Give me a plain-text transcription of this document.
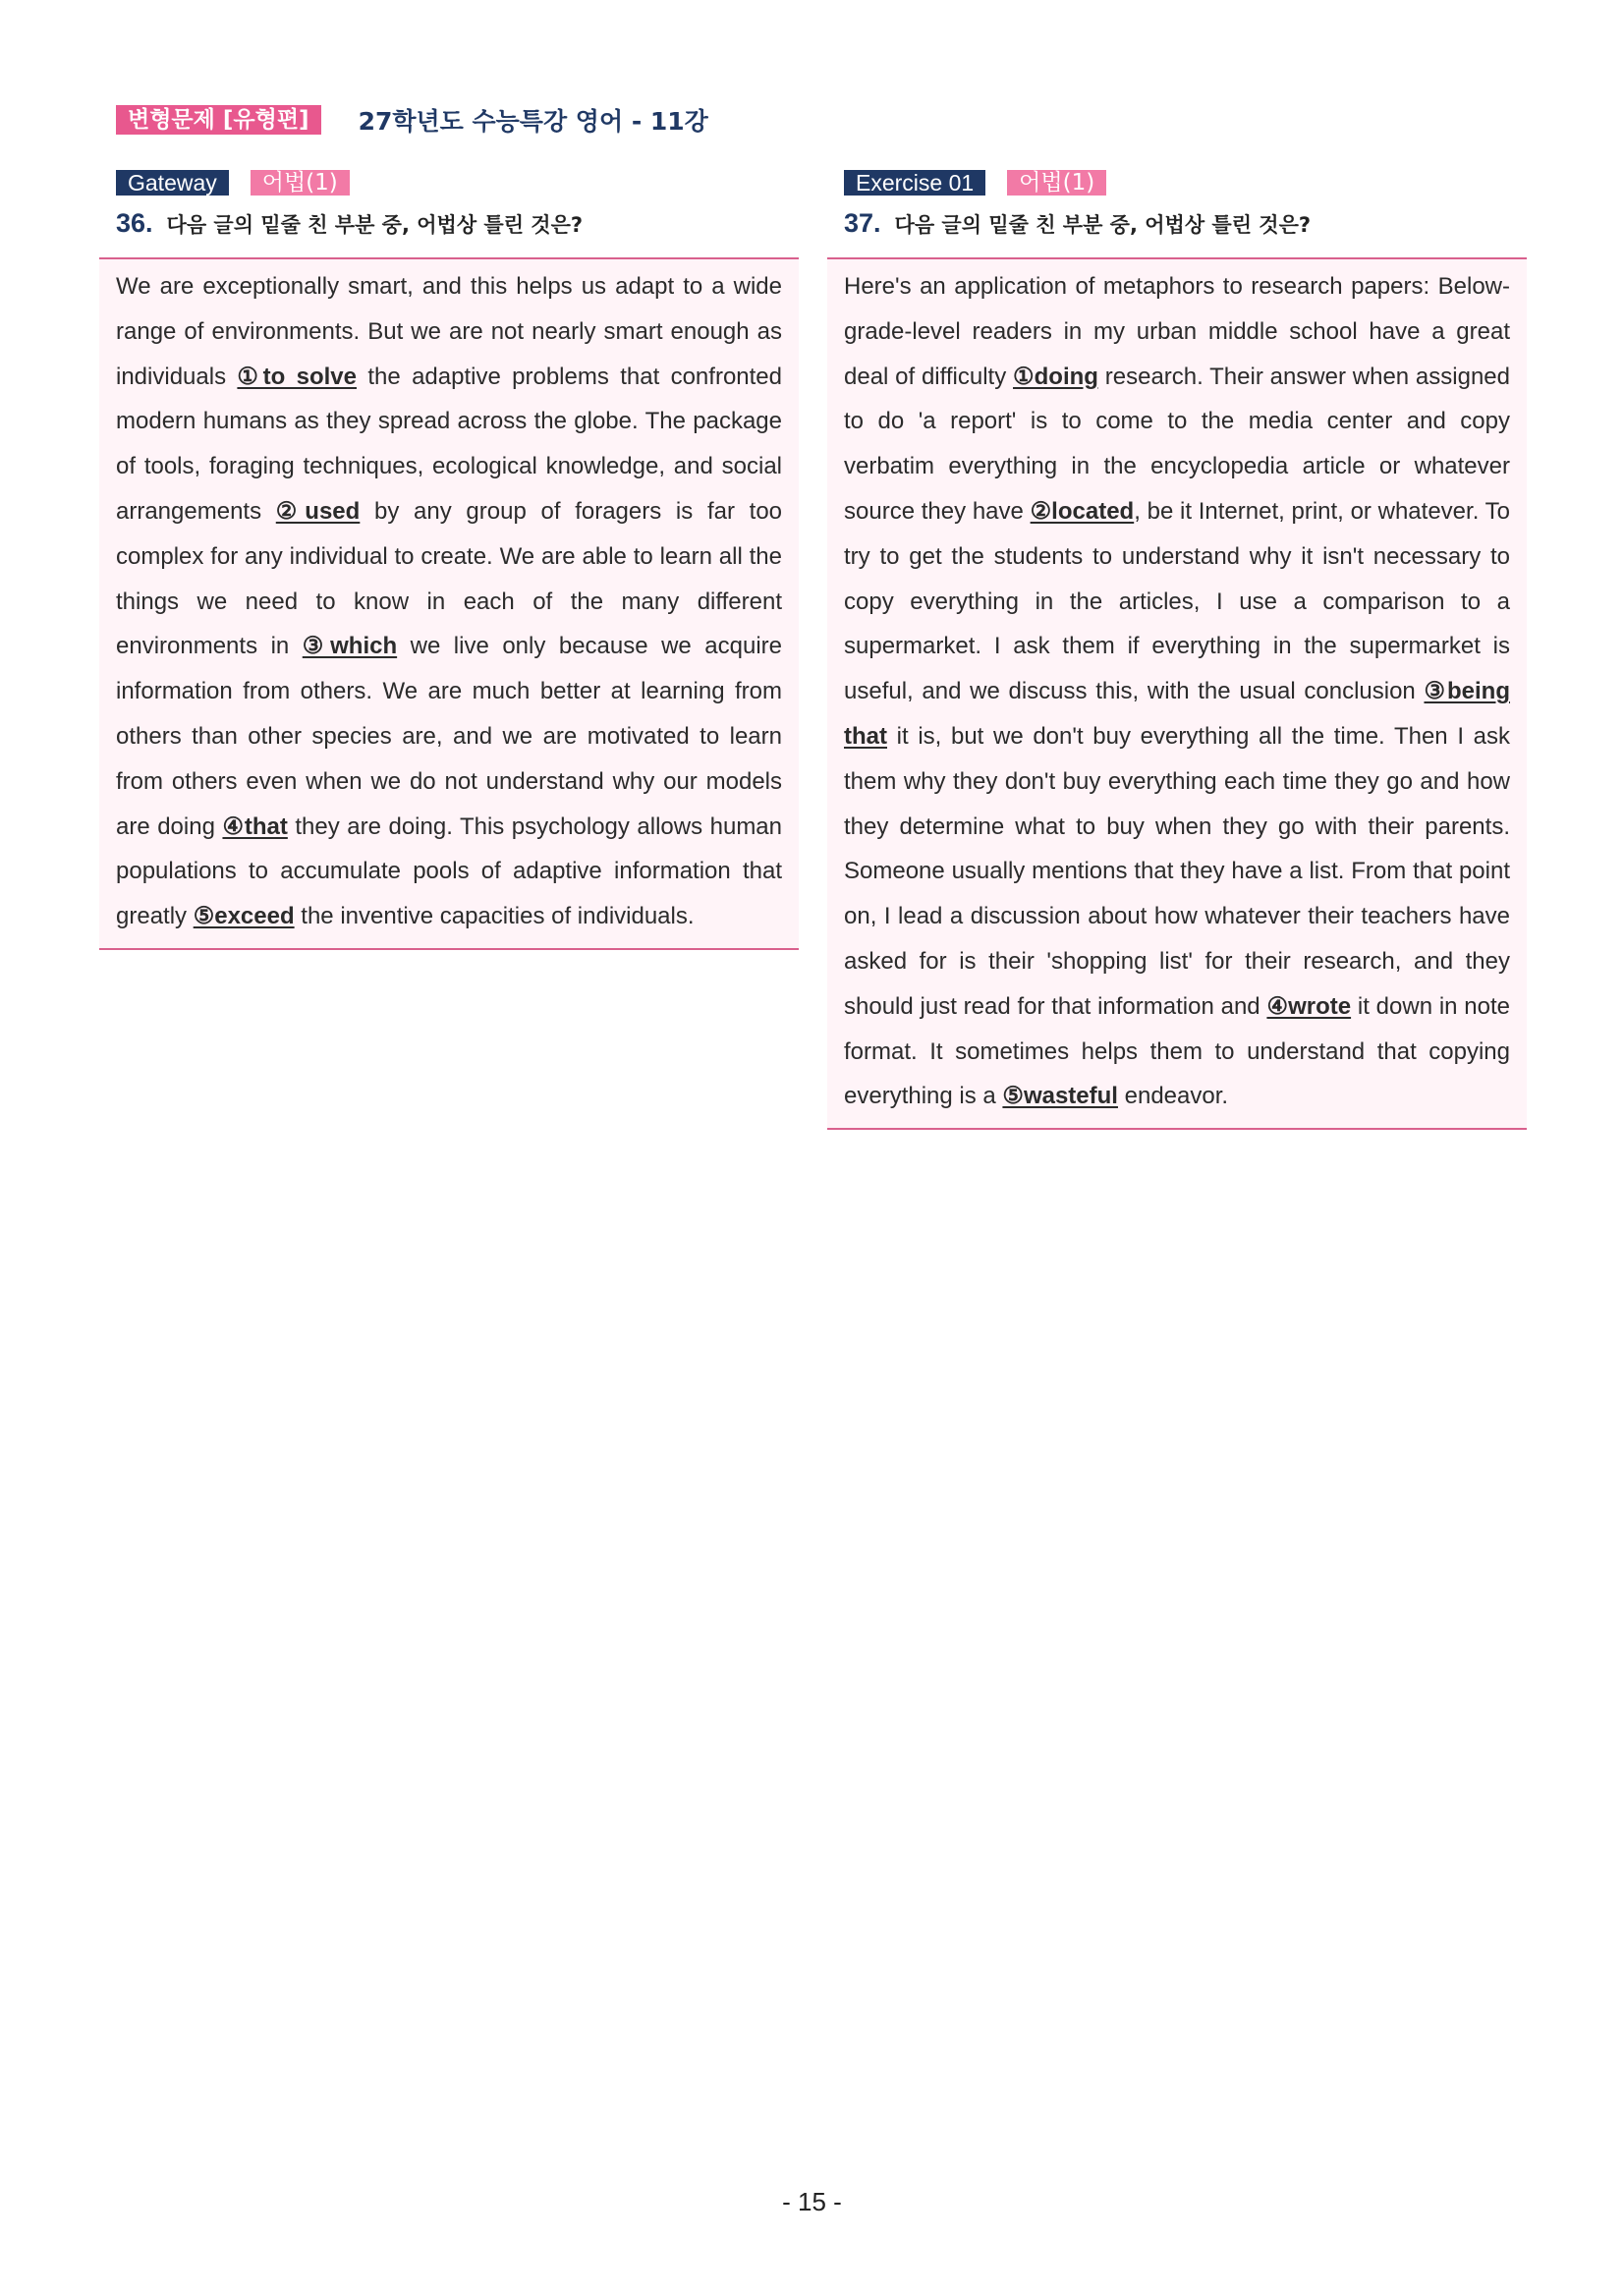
변형문제 [유형편]	27학년도 수능특강 영어 - 11강
Gateway	어법(1)
36. 다음 글의 밑줄 친 부분 중, 어법상 틀린 것은?

We are exceptionally smart, and this helps us adapt to a wide range of environments. But we are not nearly smart enough as individuals ①to solve the adaptive problems that confronted modern humans as they spread across the globe. The package of tools, foraging techniques, ecological knowledge, and social arrangements ②used by any group of foragers is far too complex for any individual to create. We are able to learn all the things we need to know in each of the many different environments in ③which we live only because we acquire information from others. We are much better at learning from others than other species are, and we are motivated to learn from others even when we do not understand why our models are doing ④that they are doing. This psychology allows human populations to accumulate pools of adaptive information that greatly ⑤exceed the inventive capacities of individuals.

Exercise 01	어법(1)
37. 다음 글의 밑줄 친 부분 중, 어법상 틀린 것은?

Here's an application of metaphors to research papers: Below-grade-level readers in my urban middle school have a great deal of difficulty ①doing research. Their answer when assigned to do 'a report' is to come to the media center and copy verbatim everything in the encyclopedia article or whatever source they have ②located, be it Internet, print, or whatever. To try to get the students to understand why it isn't necessary to copy everything in the articles, I use a comparison to a supermarket. I ask them if everything in the supermarket is useful, and we discuss this, with the usual conclusion ③being that it is, but we don't buy everything all the time. Then I ask them why they don't buy everything each time they go and how they determine what to buy when they go with their parents. Someone usually mentions that they have a list. From that point on, I lead a discussion about how whatever their teachers have asked for is their 'shopping list' for their research, and they should just read for that information and ④wrote it down in note format. It sometimes helps them to understand that copying everything is a ⑤wasteful endeavor.

- 15 -
